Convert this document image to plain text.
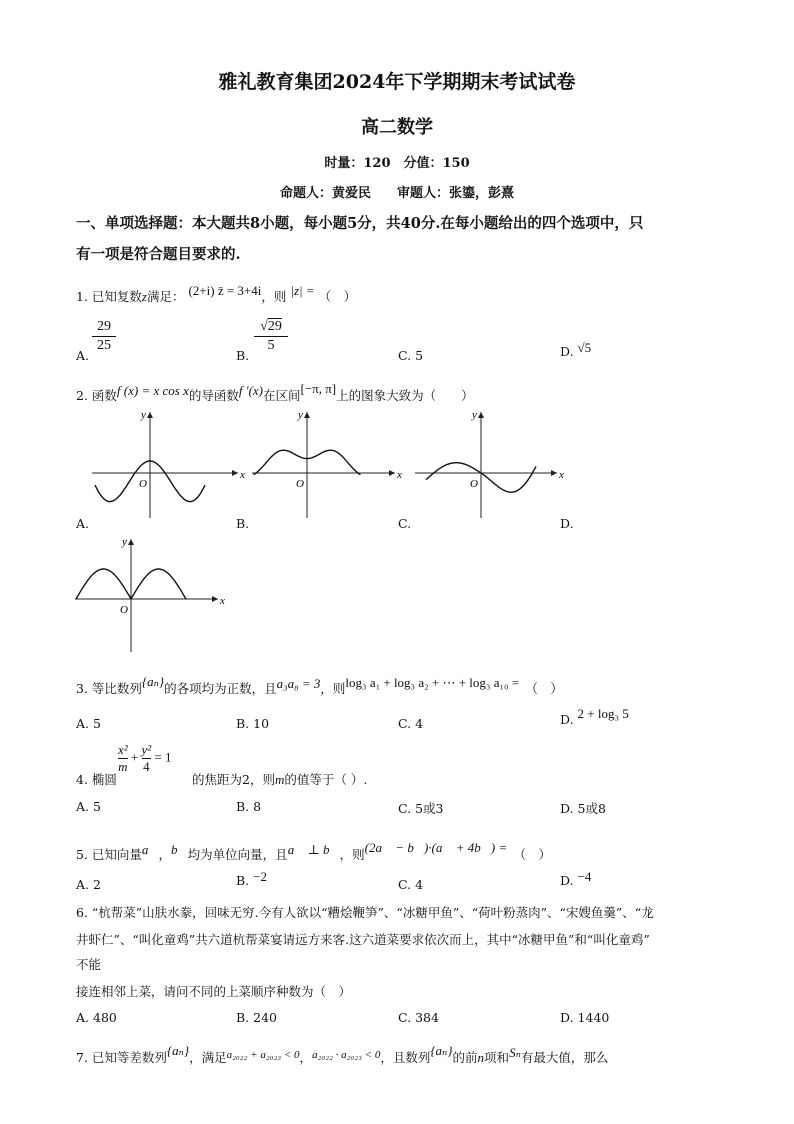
雅礼教育集团2024年下学期期末考试试卷
高二数学
时量：120　分值：150
命题人：黄爱民　　审题人：张鎏，彭熹
一、单项选择题：本大题共8小题，每小题5分，共40分.在每小题给出的四个选项中，只
有一项是符合题目要求的.
1. 已知复数z满足： (2+i) z̄ = 3+4i，则 |z| = （　）
A.
29
25
B.
√29
5
C. 5	D. √5
2. 函数f (x) = x cos x的导函数f ′(x)在区间[−π, π]上的图象大致为（　　）
x
y
O
x
y
O
x
y
O
x
y
O
A.	B.	C.	D.
3. 等比数列{aₙ}的各项均为正数，且a₃a₈ = 3，则log₃ a₁ + log₃ a₂ + ⋯ + log₃ a₁₀ =　 （　）
A. 5	B. 10	C. 4	D. 2 + log₃ 5
4. 椭圆
$\frac{\text{x²}}{m} + \frac{\text{y²}}{4} = 1$
的焦距为2，则m的值等于（ ）.
A. 5	B. 8	C. 5或3	D. 5或8
5. 已知向量a⃗，b⃗均为单位向量，且a⃗ ⊥ b⃗，则(2a⃗ − b⃗)·(a⃗ + 4b⃗) =　 （　）
A. 2	B. −2
C. 4	D. −4
6. “杭帮菜”山肤水豢，回味无穷.今有人欲以“糟烩鞭笋”、“冰糖甲鱼”、“荷叶粉蒸肉”、“宋嫂鱼羹”、“龙
井虾仁”、“叫化童鸡”共六道杭帮菜宴请远方来客.这六道菜要求依次而上，其中“冰糖甲鱼”和“叫化童鸡”
不能
接连相邻上菜，请问不同的上菜顺序种数为（　）
A. 480	B. 240	C. 384	D. 1440
7. 已知等差数列{aₙ}，满足a₂₀₂₂ + a₂₀₂₃ < 0，a₂₀₂₂ · a₂₀₂₃ < 0，且数列{aₙ}的前n项和Sₙ有最大值，那么
